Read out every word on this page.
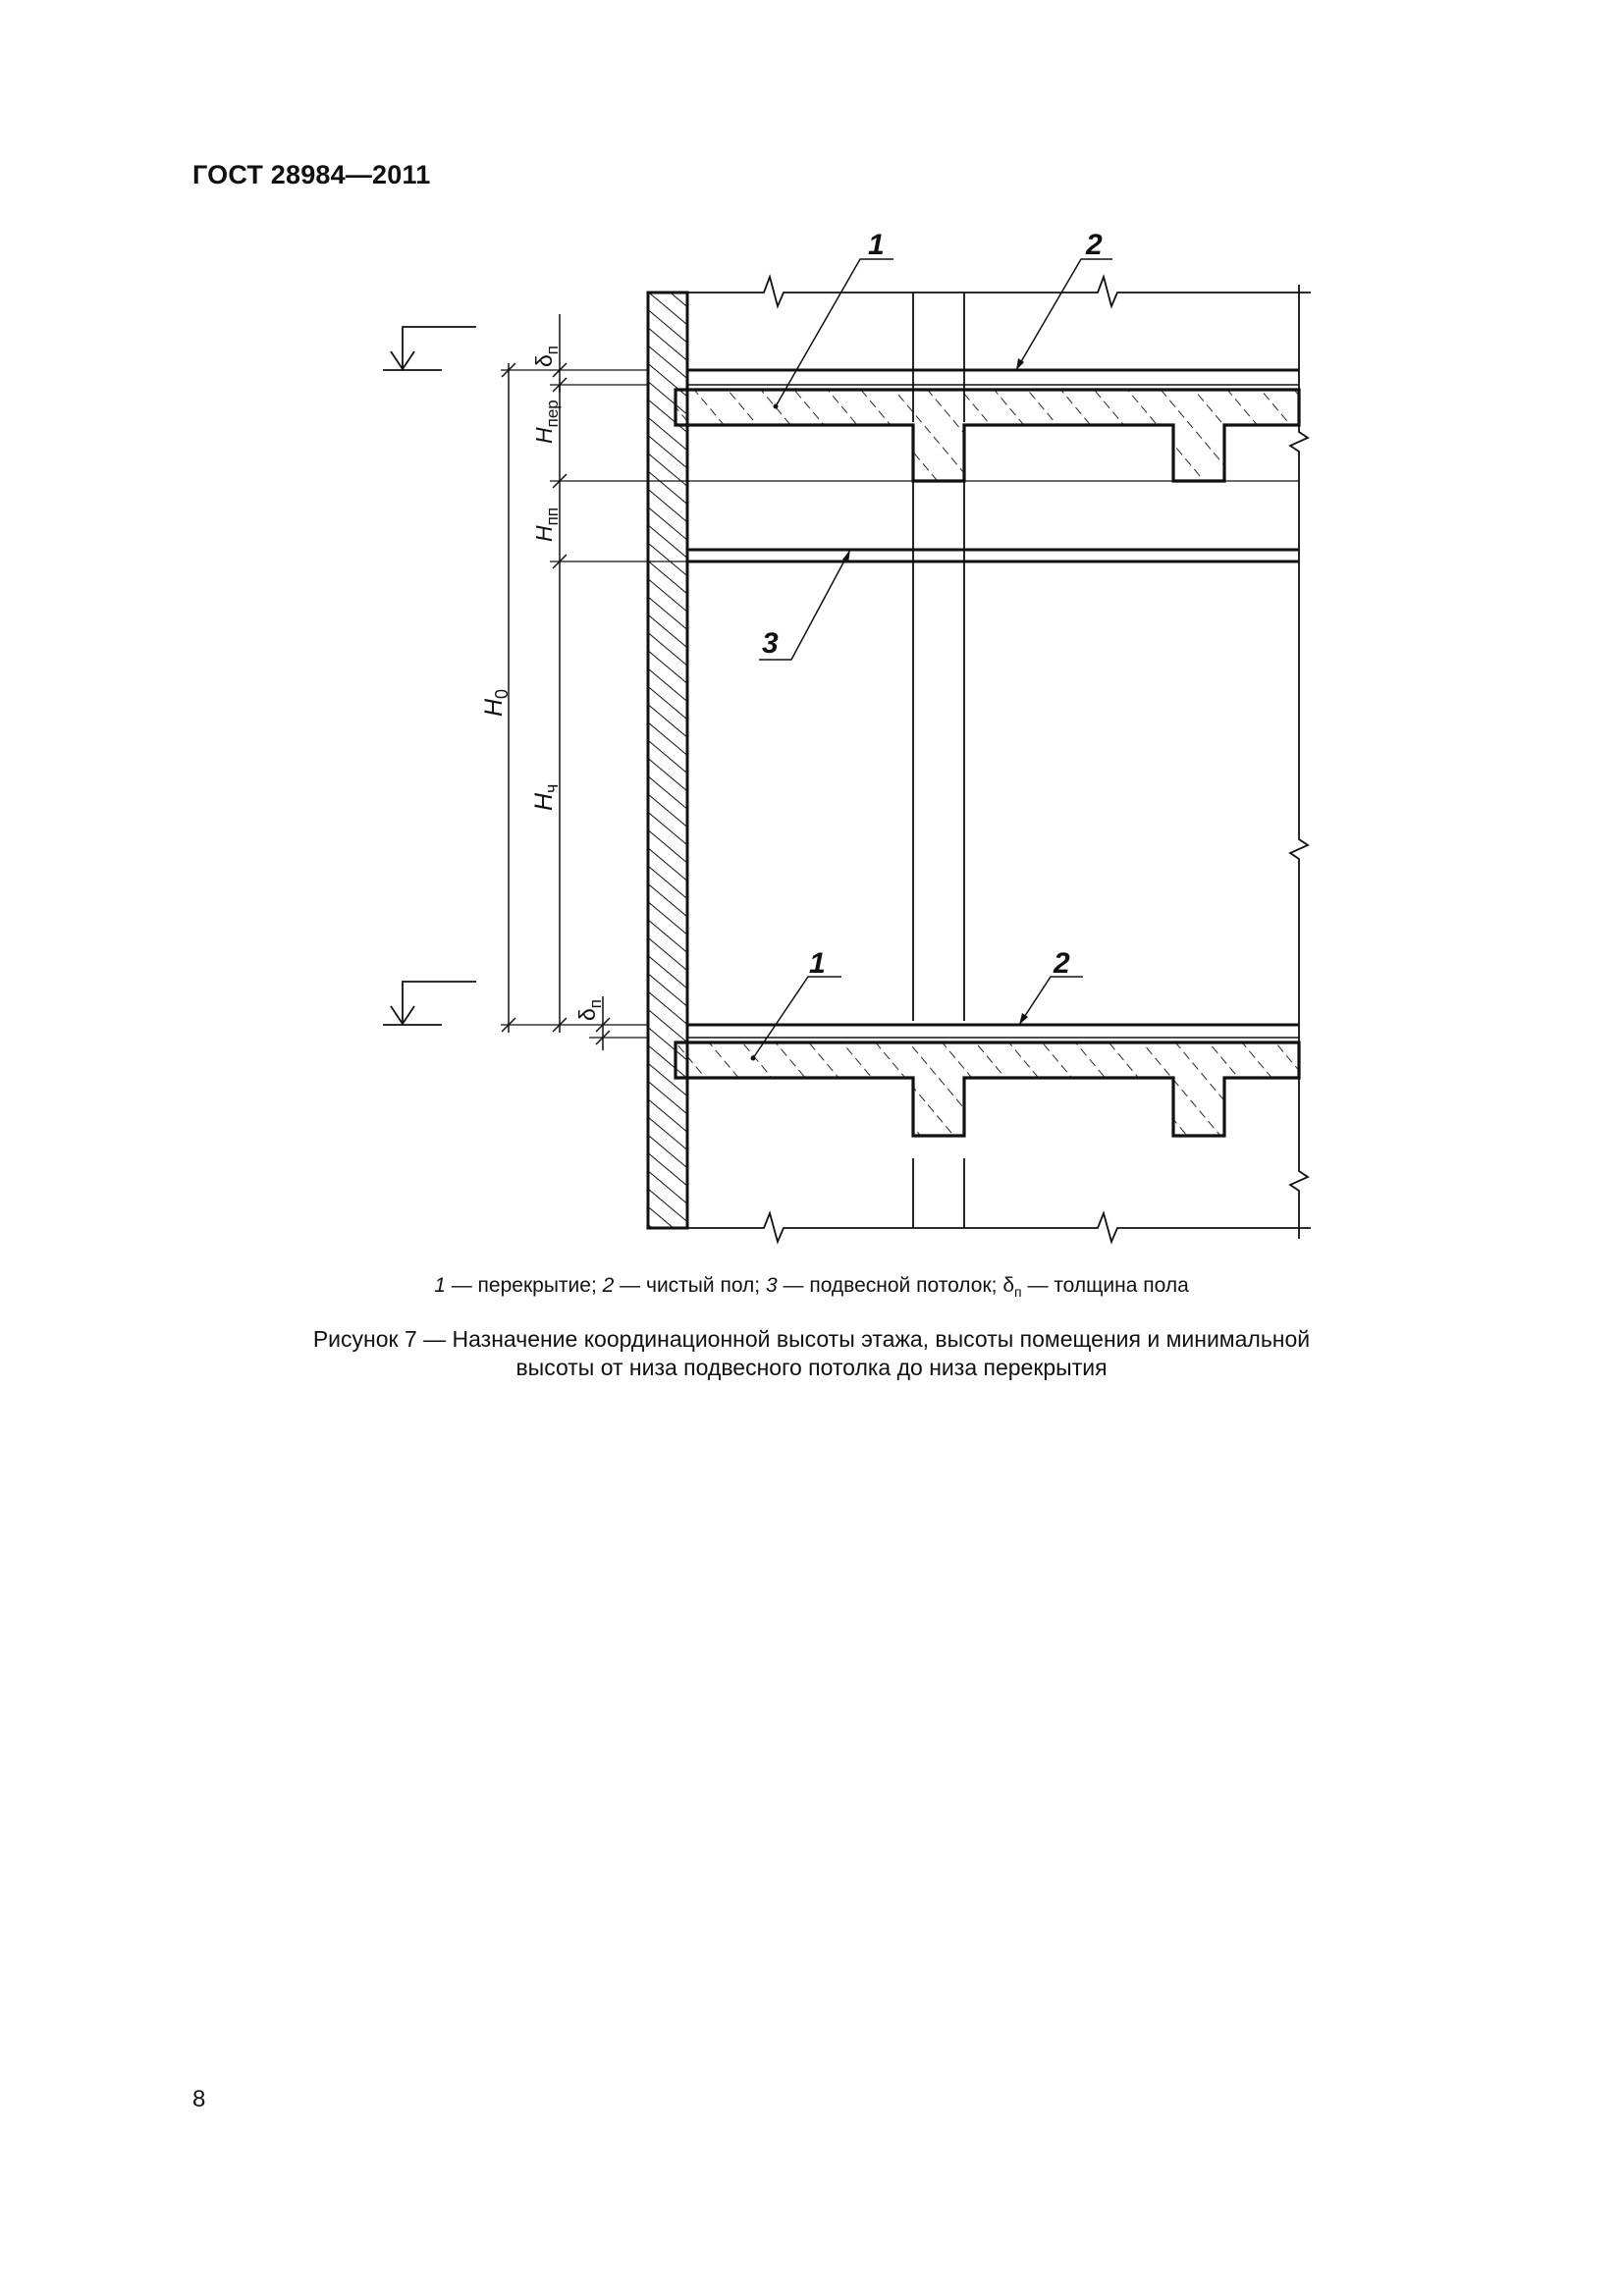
ГОСТ 28984—2011
$\delta_п$
$H_{пер}$
$H_{пп}$
$H_0$
$H_ч$
$\delta_п$
1	2
3
1	2
1 — перекрытие; 2 — чистый пол; 3 — подвесной потолок; $\delta_п$ — толщина пола
Рисунок 7 — Назначение координационной высоты этажа, высоты помещения и минимальной
высоты от низа подвесного потолка до низа перекрытия
8
